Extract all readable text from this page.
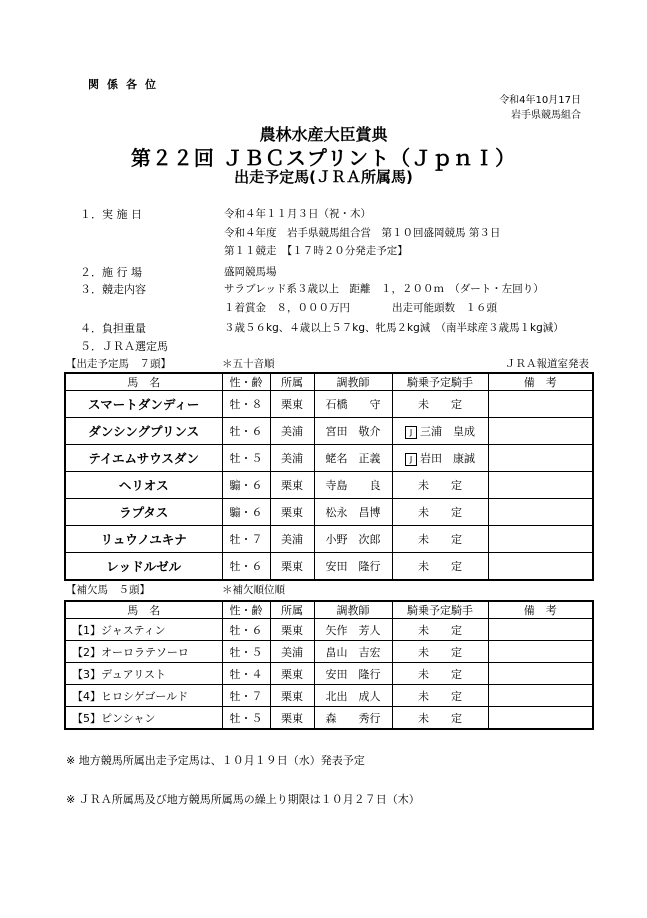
関係各位
令和4年10月17日
岩手県競馬組合
農林水産大臣賞典
第２２回 ＪＢＣスプリント（ＪｐｎＩ）
出走予定馬(ＪＲＡ所属馬)
１．実 施 日	令和４年１１月３日（祝・木）
令和４年度　岩手県競馬組合営　第１０回盛岡競馬 第３日
第１１競走　【１７時２０分発走予定】
２．施 行 場	盛岡競馬場
３．競走内容	サラブレッド系３歳以上　距離　１，２００ｍ　（ダート・左回り）
１着賞金　８，０００万円　　　　出走可能頭数　１６頭
４．負担重量	３歳５６kg、４歳以上５７kg、牝馬２kg減　（南半球産３歳馬１kg減）
５．ＪＲＡ選定馬
【出走予定馬　７頭】	＊五十音順	ＪＲＡ報道室発表
馬　名	性・齢	所属	調教師	騎乗予定騎手	備　考
スマートダンディー	牡・８	栗東	石橋　　守	未　　定	
ダンシングプリンス	牡・６	美浦	宮田　敬介	J 三浦　皇成	
テイエムサウスダン	牡・５	美浦	蛯名　正義	J 岩田　康誠	
ヘリオス	騸・６	栗東	寺島　　良	未　　定	
ラプタス	騸・６	栗東	松永　昌博	未　　定	
リュウノユキナ	牡・７	美浦	小野　次郎	未　　定	
レッドルゼル	牡・６	栗東	安田　隆行	未　　定	
【補欠馬　５頭】	＊補欠順位順
馬　名	性・齢	所属	調教師	騎乗予定騎手	備　考
【1】ジャスティン	牡・６	栗東	矢作　芳人	未　　定	
【2】オーロラテソーロ	牡・５	美浦	畠山　吉宏	未　　定	
【3】デュアリスト	牡・４	栗東	安田　隆行	未　　定	
【4】ヒロシゲゴールド	牡・７	栗東	北出　成人	未　　定	
【5】ピンシャン	牡・５	栗東	森　　秀行	未　　定	
※ 地方競馬所属出走予定馬は、１０月１９日（水）発表予定
※ ＪＲＡ所属馬及び地方競馬所属馬の繰上り期限は１０月２７日（木）
